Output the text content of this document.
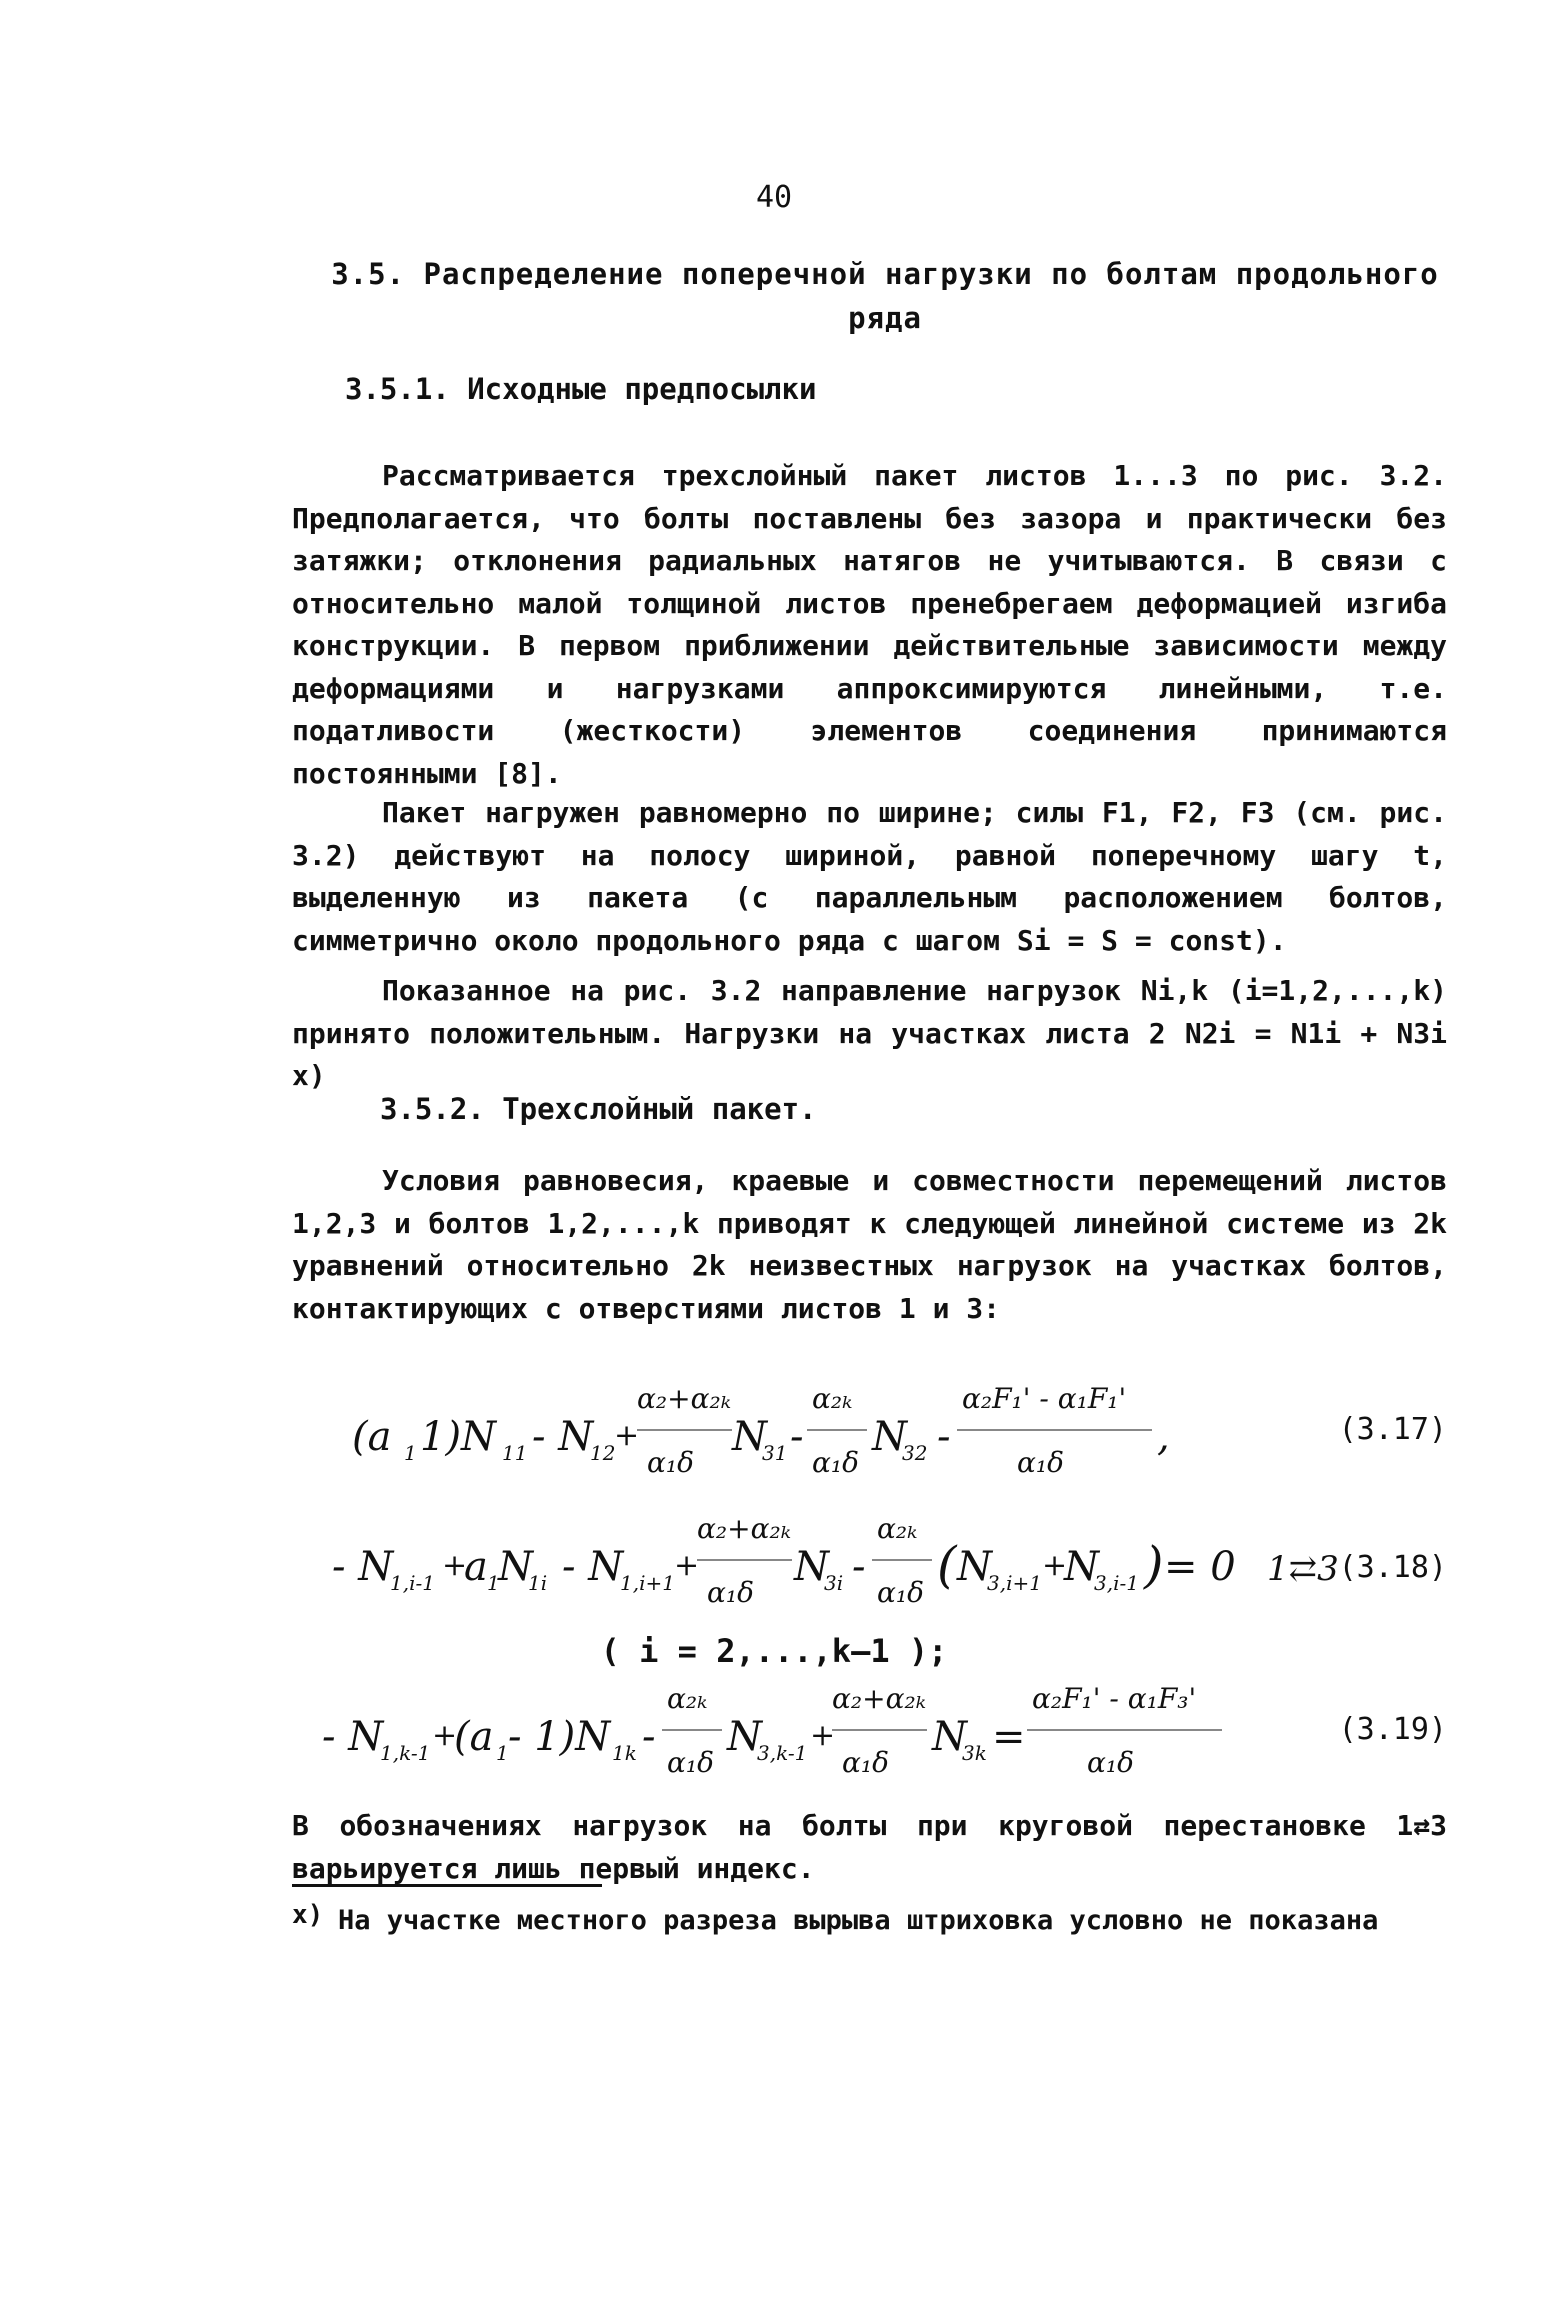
40
3.5. Распределение поперечной нагрузки по болтам продольного ряда
3.5.1. Исходные предпосылки

Рассматривается трехслойный пакет листов 1...3 по рис. 3.2. Предполагается, что болты поставлены без зазора и практически без затяжки; отклонения радиальных натягов не учитываются. В связи с относительно малой толщиной листов пренебрегаем деформацией изгиба конструкции. В первом приближении действительные зависимости между деформациями и нагрузками аппроксимируются линейными, т.е. податливости (жесткости) элементов соединения принимаются постоянными [8].

Пакет нагружен равномерно по ширине; силы F1, F2, F3 (см. рис. 3.2) действуют на полосу шириной, равной поперечному шагу t, выделенную из пакета (с параллельным расположением болтов, симметрично около продольного ряда с шагом Si = S = const).

Показанное на рис. 3.2 направление нагрузок Ni,k (i=1,2,...,k) принято положительным. Нагрузки на участках листа 2 N2i = N1i + N3i x)

3.5.2. Трехслойный пакет.

Условия равновесия, краевые и совместности перемещений листов 1,2,3 и болтов 1,2,...,k приводят к следующей линейной системе из 2k уравнений относительно 2k неизвестных нагрузок на участках болтов, контактирующих с отверстиями листов 1 и 3:

(a 1 1)N 11 - N
12
+
α₂+α₂ₖ
α₁δ
N
31 -
α₂ₖ
α₁δ
N
32 -
α₂F₁' - α₁F₁'
α₁δ
,	(3.17)
- N
1,i-1 +
a 1
N
1i - N
1,i+1 +
α₂+α₂ₖ
α₁δ
N
3i -
α₂ₖ
α₁δ ( N
3,i+1 +
N
3,i-1 ) = 0 1⇄3 (3.18)
( i = 2,...,k–1 );
- N
1,k-1 +
(a 1 - 1)N 1k -
α₂ₖ
α₁δ
N
3,k-1 +
α₂+α₂ₖ
α₁δ
N
3k =
α₂F₁' - α₁F₃'
α₁δ
(3.19)

В обозначениях нагрузок на болты при круговой перестановке 1⇄3 варьируется лишь первый индекс.

x) На участке местного разреза вырыва штриховка условно не показана
